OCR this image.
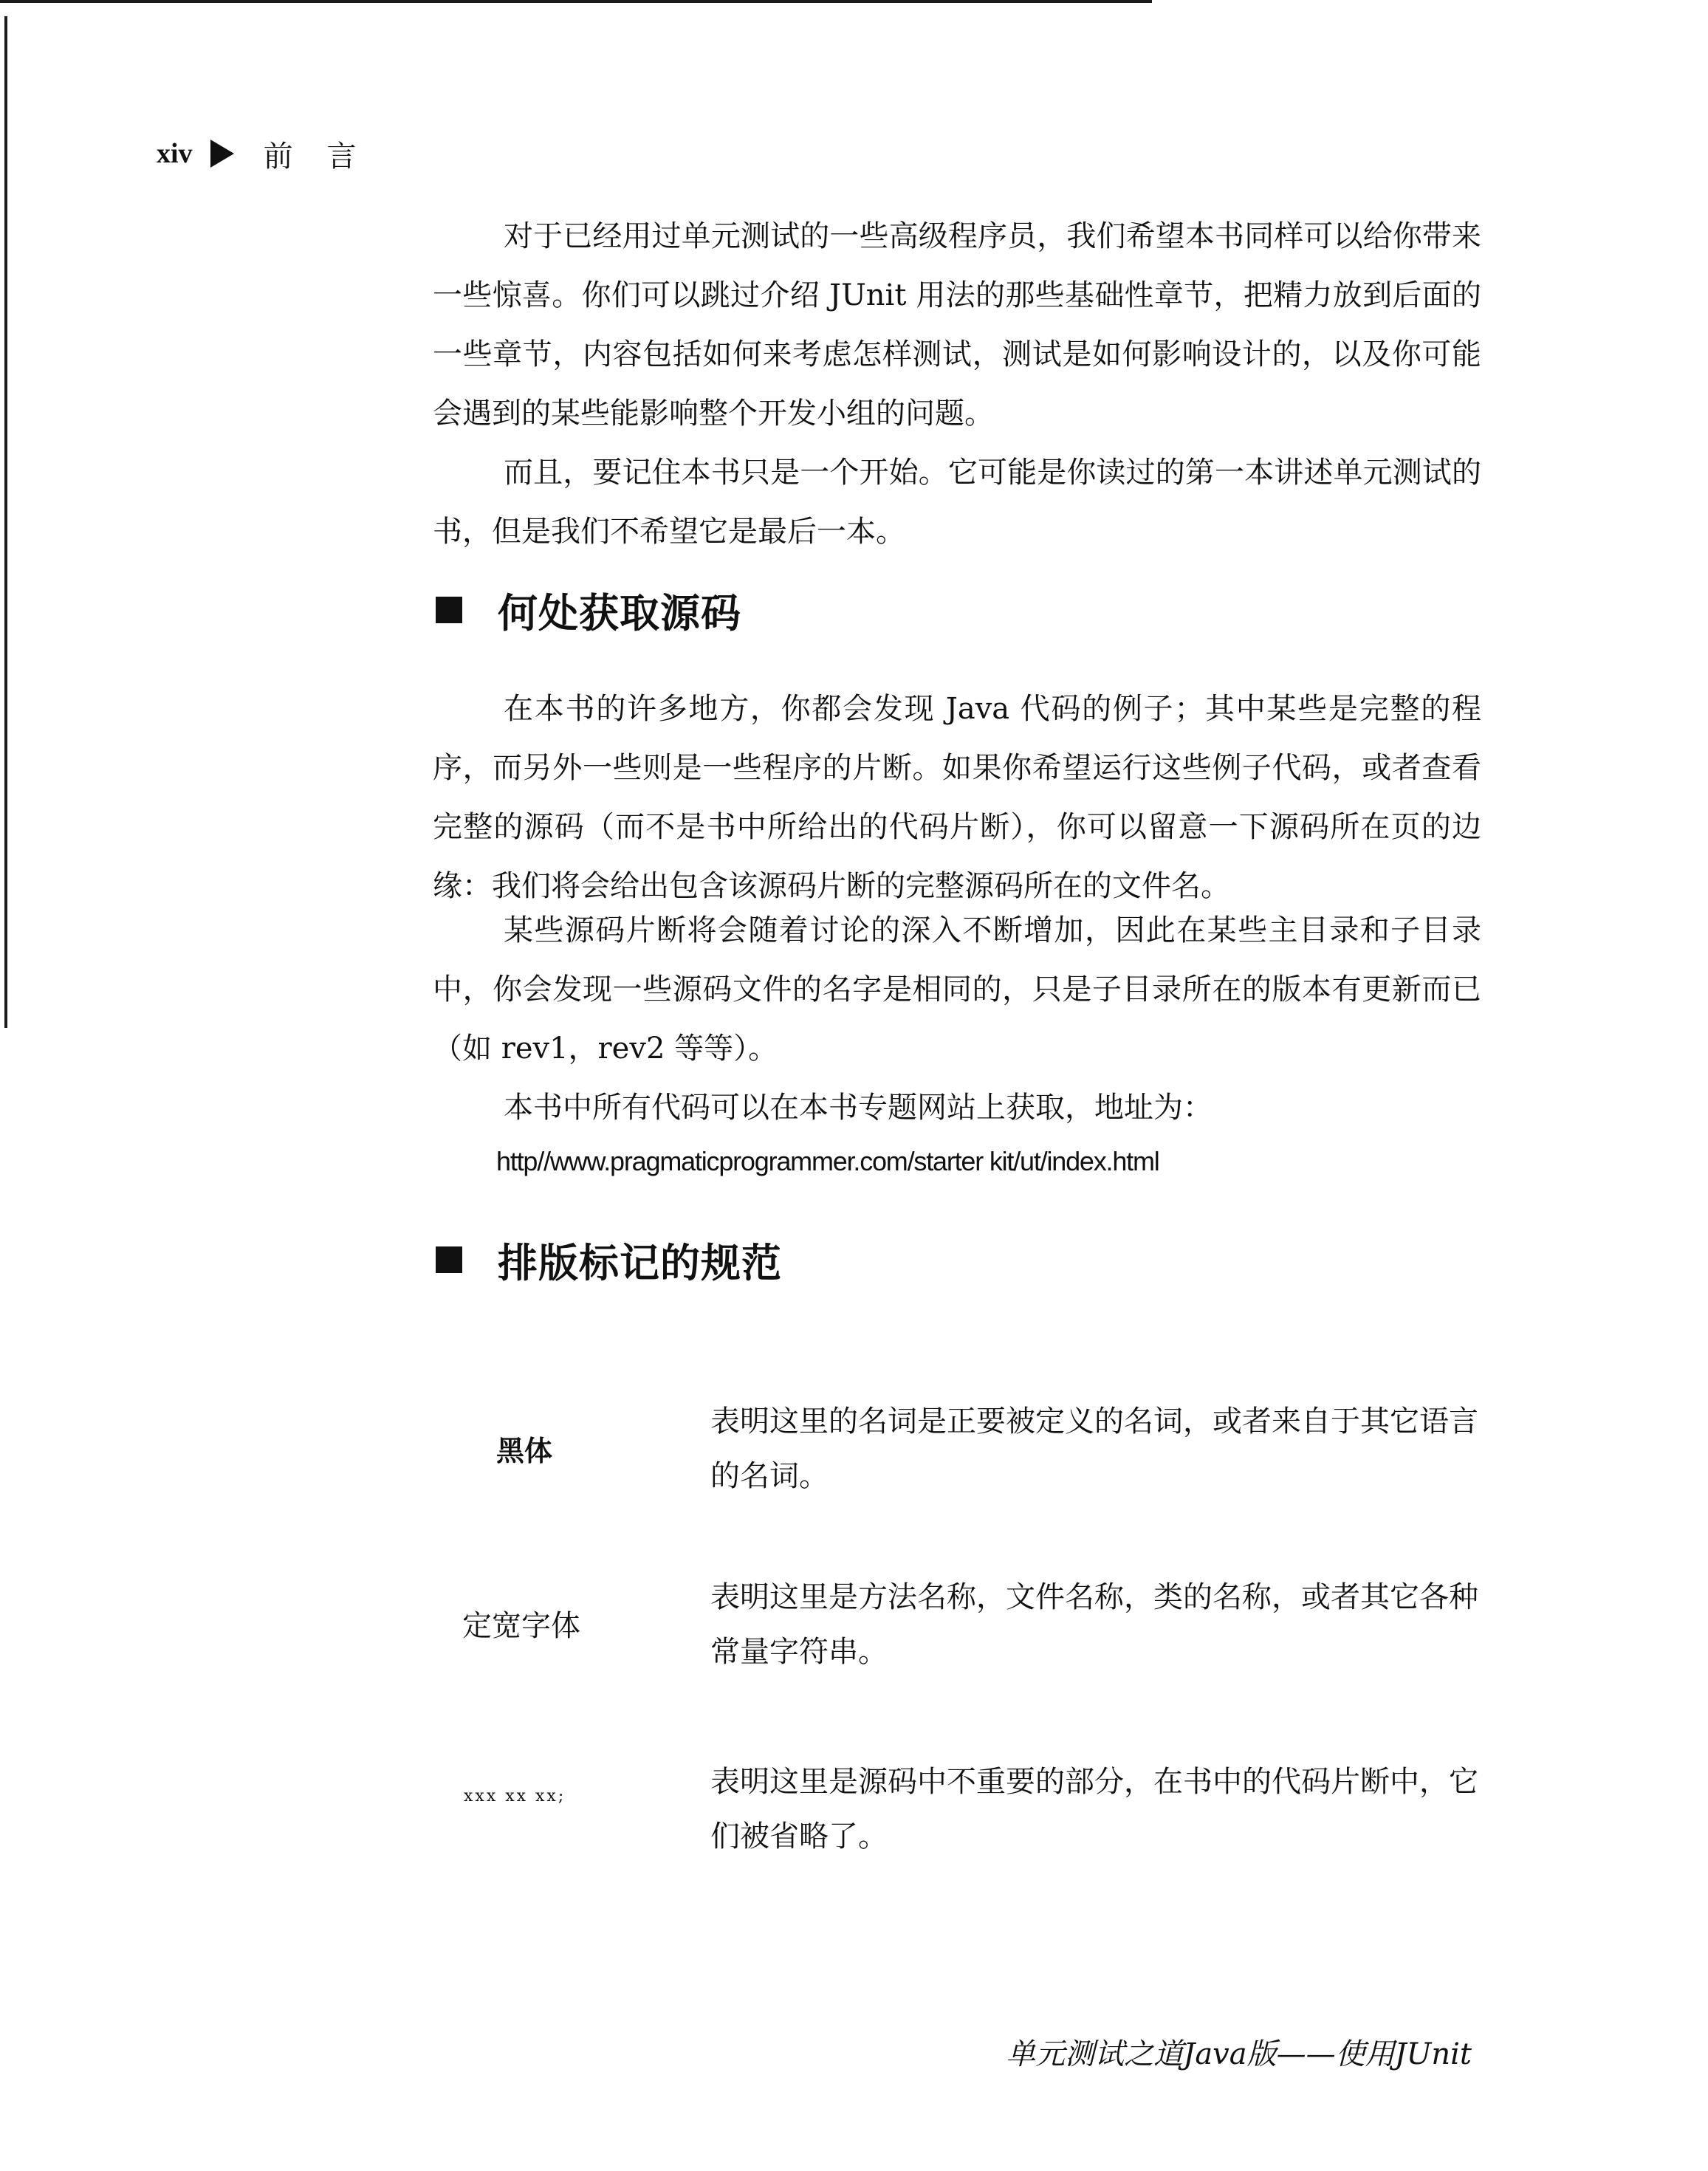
xiv 前言

对于已经用过单元测试的一些高级程序员，我们希望本书同样可以给你带来一些惊喜。你们可以跳过介绍 JUnit 用法的那些基础性章节，把精力放到后面的一些章节，内容包括如何来考虑怎样测试，测试是如何影响设计的，以及你可能会遇到的某些能影响整个开发小组的问题。

而且，要记住本书只是一个开始。它可能是你读过的第一本讲述单元测试的书，但是我们不希望它是最后一本。

何处获取源码

在本书的许多地方，你都会发现 Java 代码的例子；其中某些是完整的程序，而另外一些则是一些程序的片断。如果你希望运行这些例子代码，或者查看完整的源码（而不是书中所给出的代码片断），你可以留意一下源码所在页的边缘：我们将会给出包含该源码片断的完整源码所在的文件名。

某些源码片断将会随着讨论的深入不断增加，因此在某些主目录和子目录中，你会发现一些源码文件的名字是相同的，只是子目录所在的版本有更新而已（如 rev1，rev2 等等）。

本书中所有代码可以在本书专题网站上获取，地址为：

http//www.pragmaticprogrammer.com/starter kit/ut/index.html
排版标记的规范
黑体

表明这里的名词是正要被定义的名词，或者来自于其它语言的名词。

定宽字体

表明这里是方法名称，文件名称，类的名称，或者其它各种常量字符串。

xxx xx xx;	表明这里是源码中不重要的部分，在书中的代码片断中，它们被省略了。

单元测试之道Java版——使用JUnit
